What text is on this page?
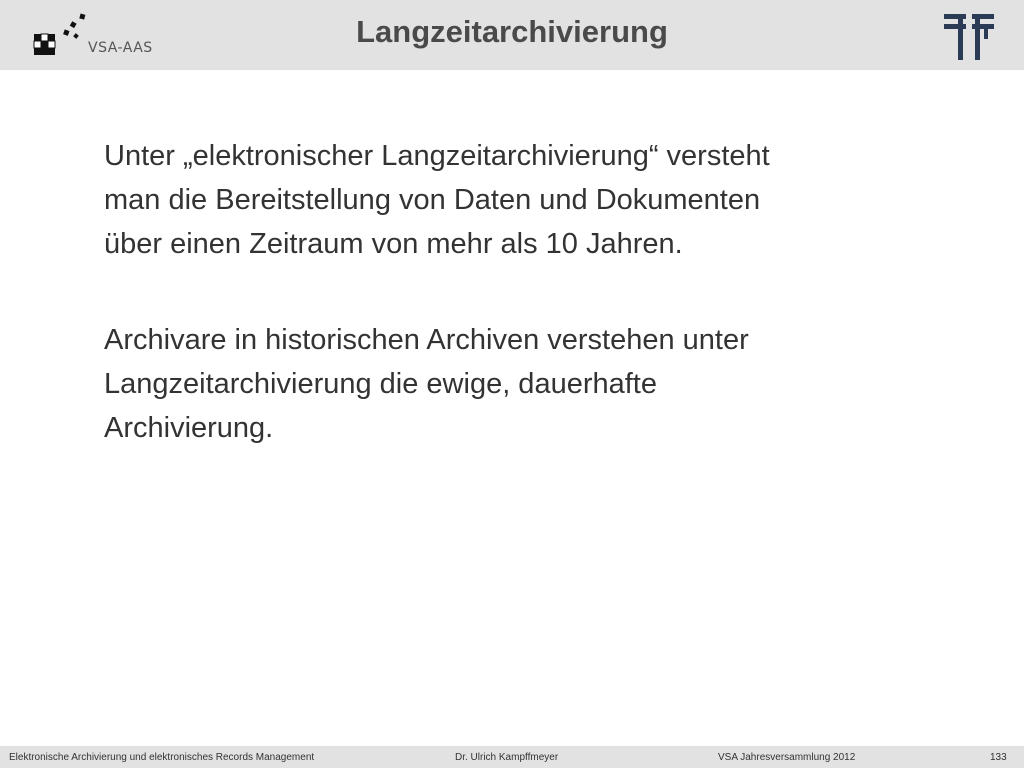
VSA-AAS	Langzeitarchivierung

Unter „elektronischer Langzeitarchivierung“ versteht
man die Bereitstellung von Daten und Dokumenten
über einen Zeitraum von mehr als 10 Jahren.

Archivare in historischen Archiven verstehen unter
Langzeitarchivierung die ewige, dauerhafte
Archivierung.

Elektronische Archivierung und elektronisches Records Management	Dr. Ulrich Kampffmeyer	VSA Jahresversammlung 2012	133
